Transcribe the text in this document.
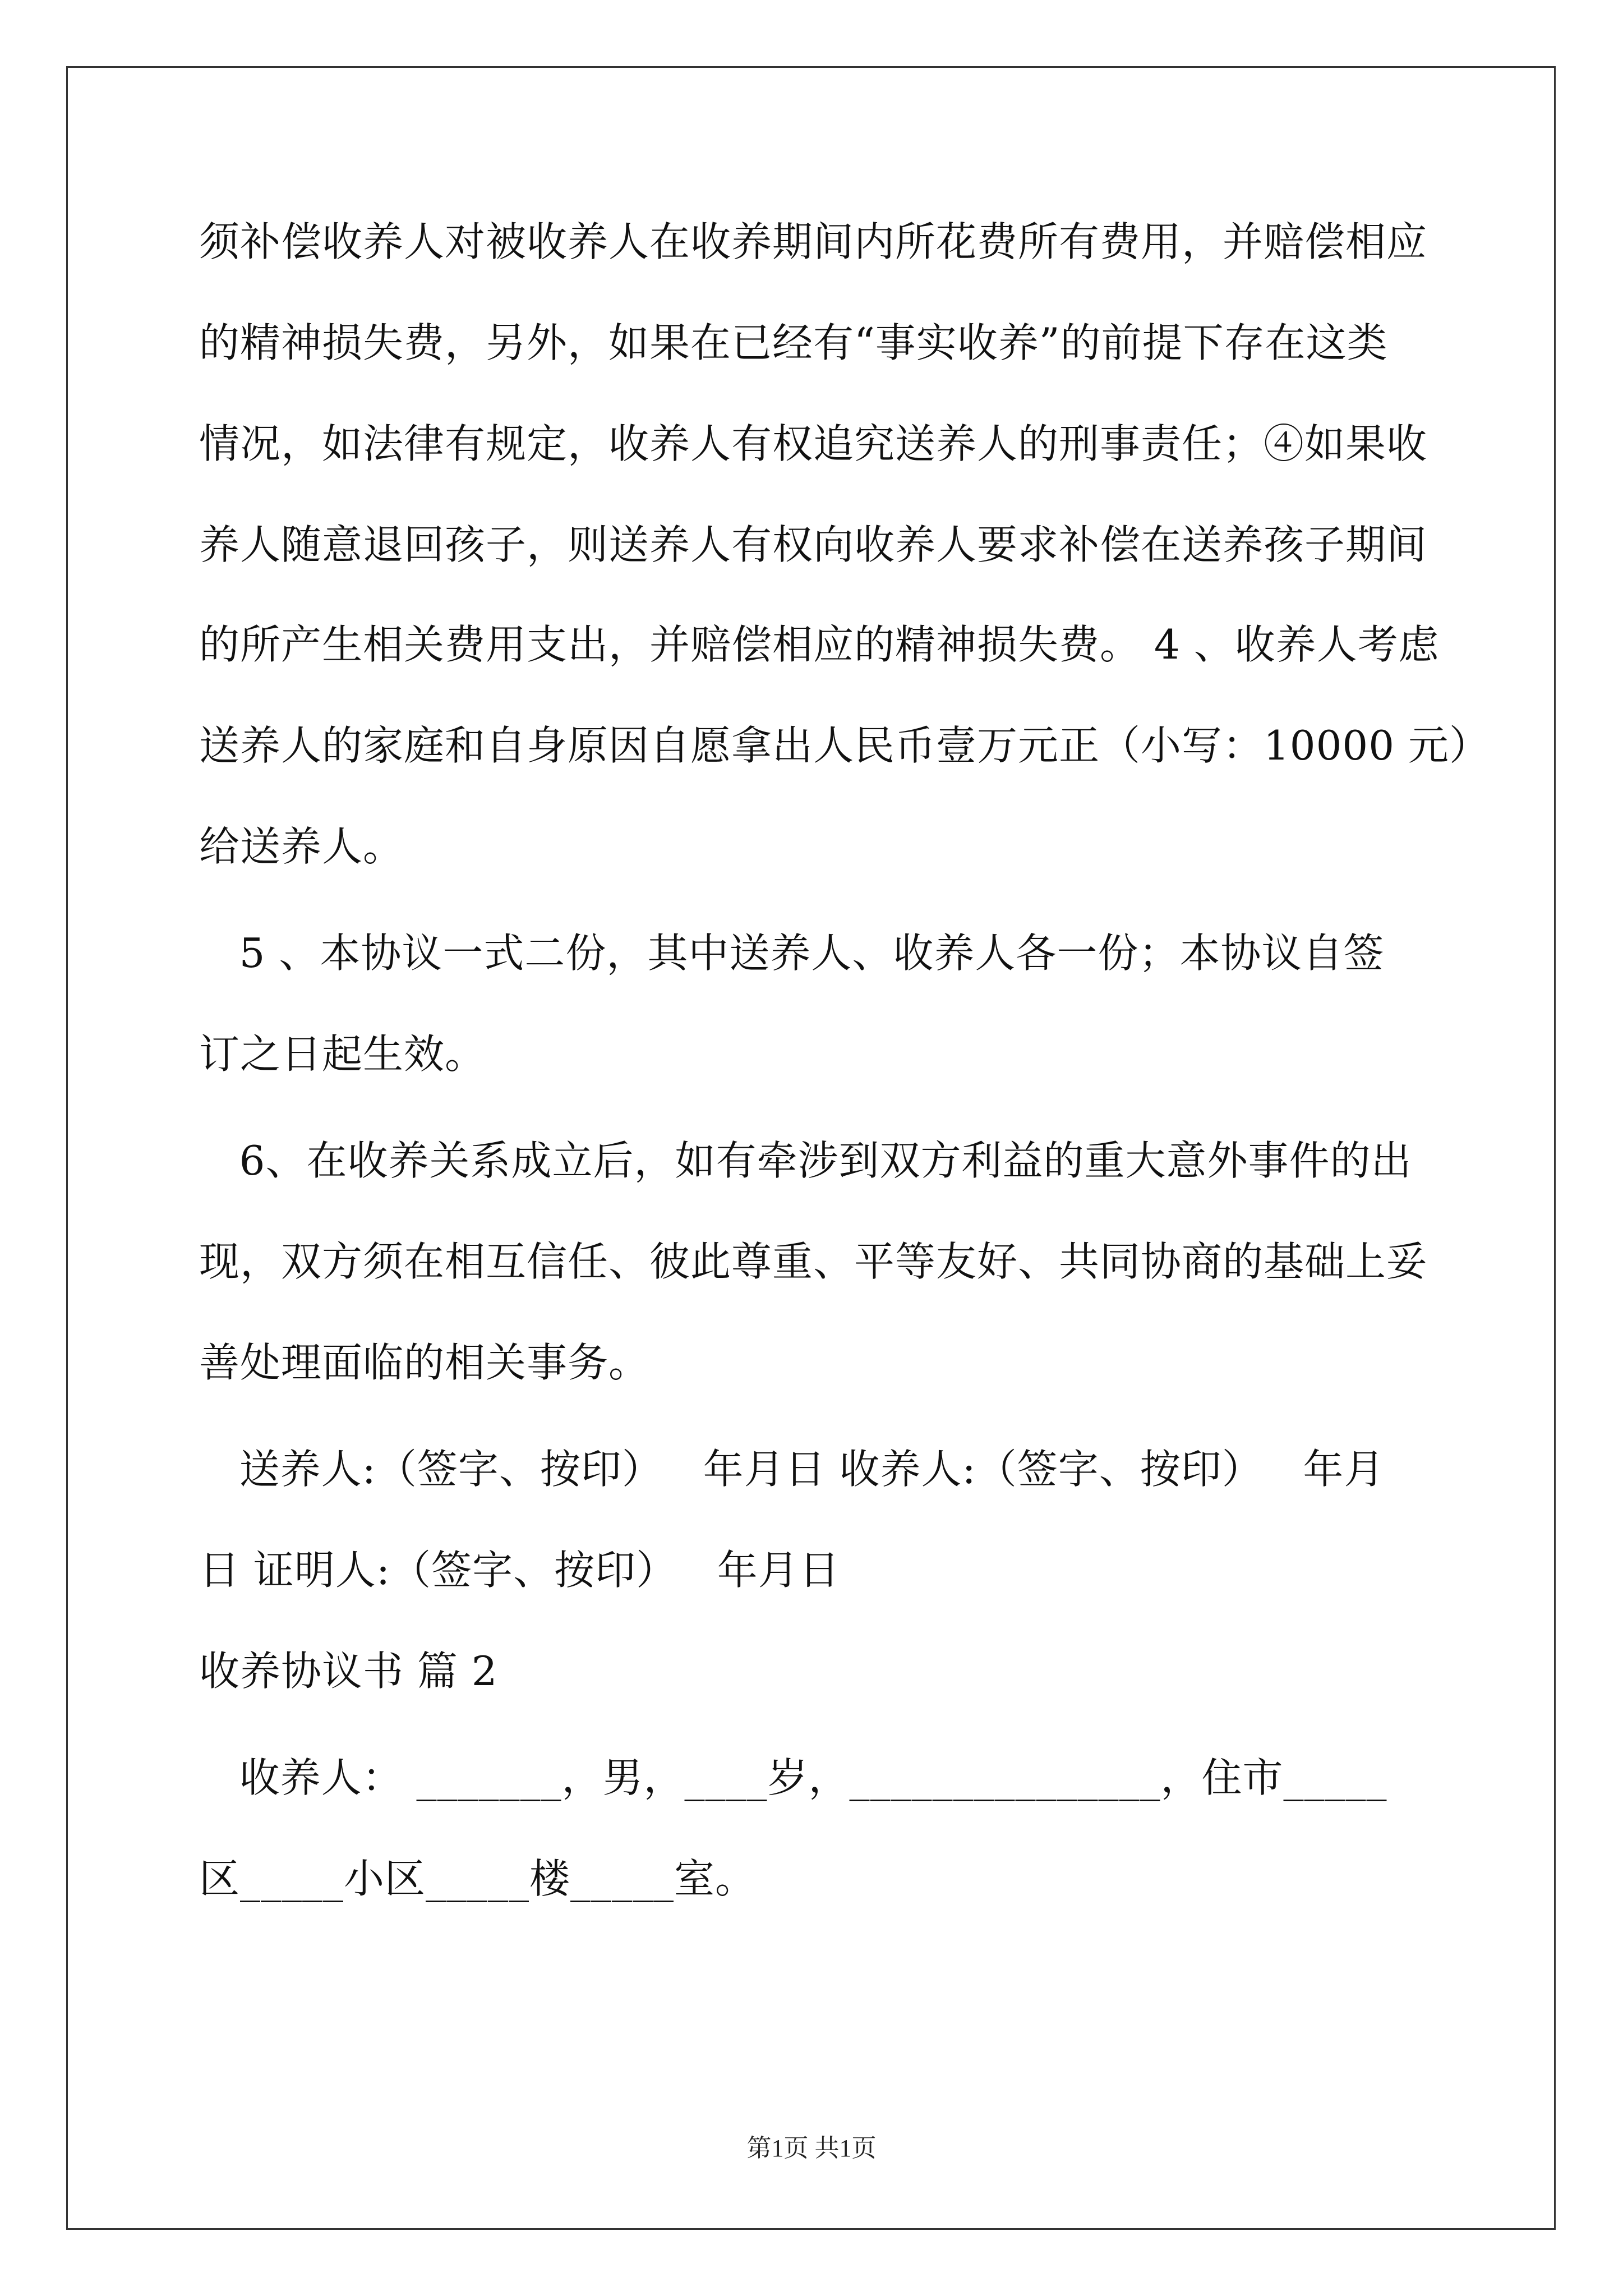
须补偿收养人对被收养人在收养期间内所花费所有费用，并赔偿相应
的精神损失费，另外，如果在已经有“事实收养”的前提下存在这类
情况，如法律有规定，收养人有权追究送养人的刑事责任；④如果收
养人随意退回孩子，则送养人有权向收养人要求补偿在送养孩子期间
的所产生相关费用支出，并赔偿相应的精神损失费。 4 、收养人考虑
送养人的家庭和自身原因自愿拿出人民币壹万元正（小写：10000 元）
给送养人。
5 、本协议一式二份，其中送养人、收养人各一份；本协议自签
订之日起生效。
6、在收养关系成立后，如有牵涉到双方利益的重大意外事件的出
现，双方须在相互信任、彼此尊重、平等友好、共同协商的基础上妥
善处理面临的相关事务。
送养人:（签字、按印）   年月日 收养人:（签字、按印）   年月
日 证明人:（签字、按印）   年月日
收养协议书 篇 2
收养人： _______，男，____岁，_______________，住市_____
区_____小区_____楼_____室。
第1页 共1页
